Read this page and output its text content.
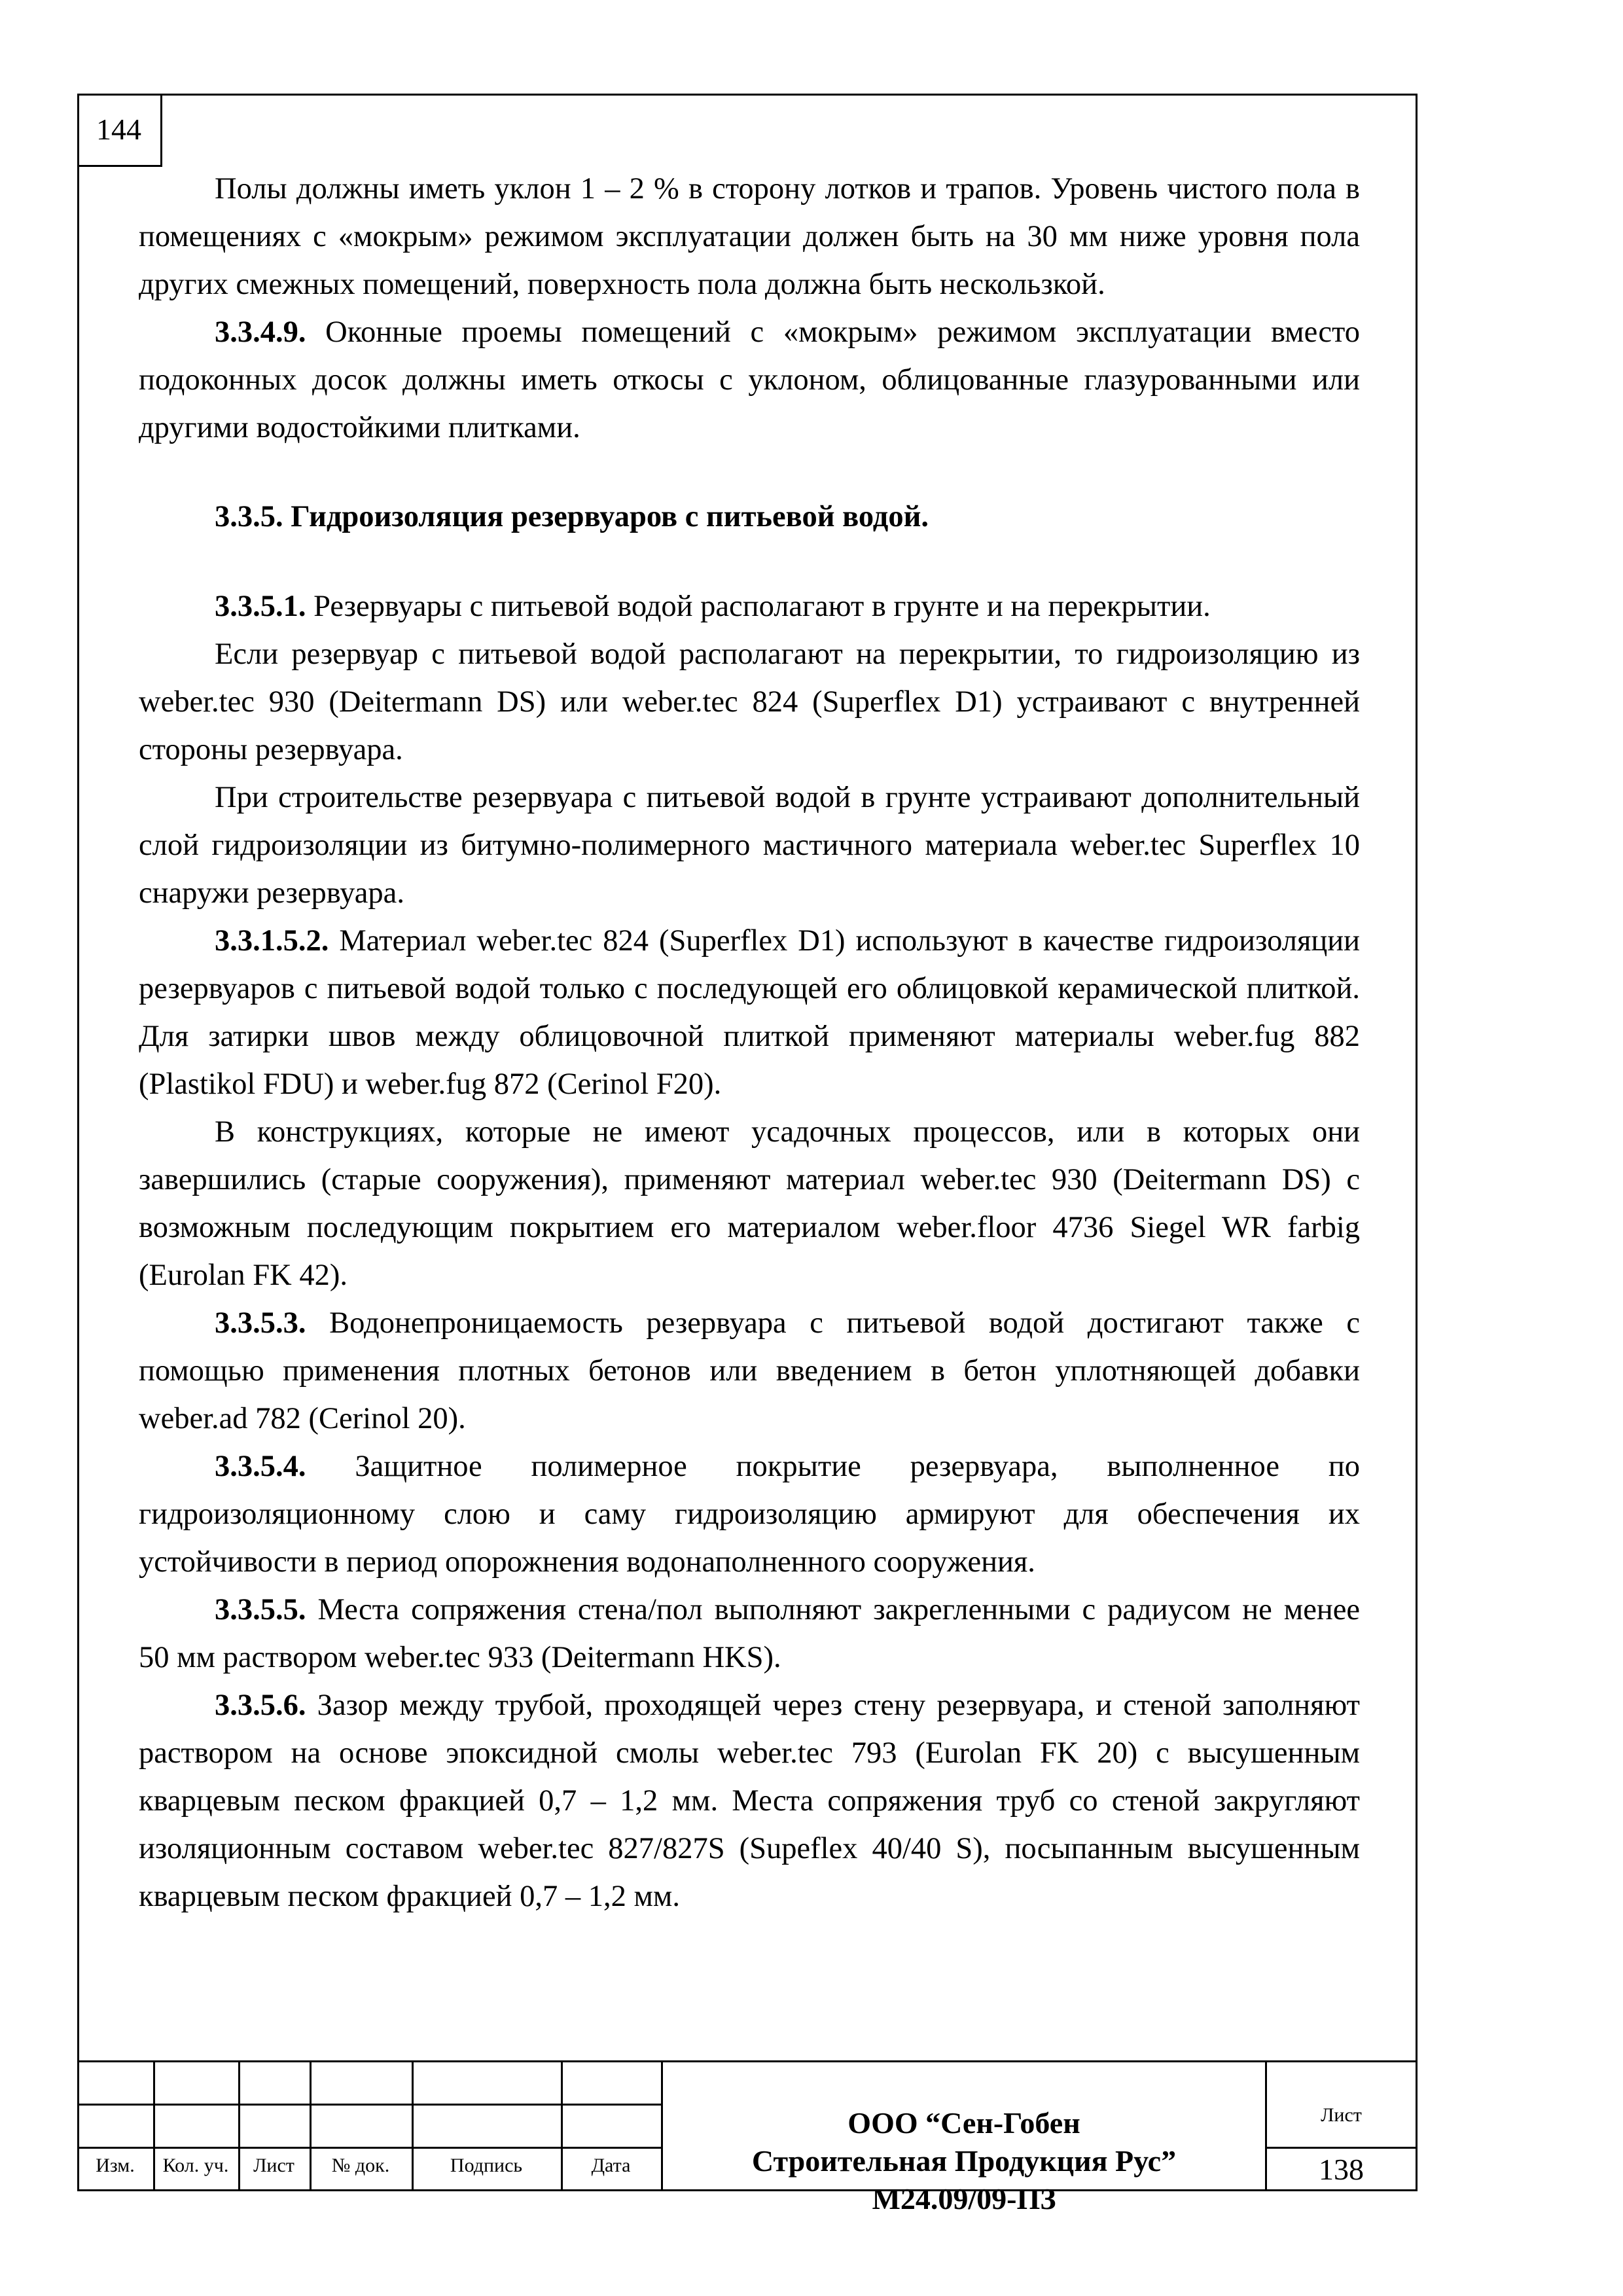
144

Полы должны иметь уклон 1 – 2 % в сторону лотков и трапов. Уровень чистого пола в помещениях с «мокрым» режимом эксплуатации должен быть на 30 мм ниже уровня пола других смежных помещений, поверхность пола должна быть нескользкой.

3.3.4.9. Оконные проемы помещений с «мокрым» режимом эксплуатации вместо подоконных досок должны иметь откосы с уклоном, облицованные глазурованными или другими водостойкими плитками.

3.3.5. Гидроизоляция резервуаров с питьевой водой.

3.3.5.1. Резервуары с питьевой водой располагают в грунте и на перекрытии.

Если резервуар с питьевой водой располагают на перекрытии, то гидроизоляцию из weber.tec 930 (Deitermann DS) или weber.tec 824 (Superflex D1) устраивают с внутренней стороны резервуара.

При строительстве резервуара с питьевой водой в грунте устраивают дополнительный слой гидроизоляции из битумно-полимерного мастичного материала weber.tec Superflex 10 снаружи резервуара.

3.3.1.5.2. Материал weber.tec 824 (Superflex D1) используют в качестве гидроизоляции резервуаров с питьевой водой только с последующей его облицовкой керамической плиткой. Для затирки швов между облицовочной плиткой применяют материалы weber.fug 882 (Plastikol FDU) и weber.fug 872 (Cerinol F20).

В конструкциях, которые не имеют усадочных процессов, или в которых они завершились (старые сооружения), применяют материал weber.tec 930 (Deitermann DS) с возможным последующим покрытием его материалом weber.floor 4736 Siegel WR farbig (Eurolan FK 42).

3.3.5.3. Водонепроницаемость резервуара с питьевой водой достигают также с помощью применения плотных бетонов или введением в бетон уплотняющей добавки weber.ad 782 (Cerinol 20).

3.3.5.4. Защитное полимерное покрытие резервуара, выполненное по гидроизоляционному слою и саму гидроизоляцию армируют для обеспечения их устойчивости в период опорожнения водонаполненного сооружения.

3.3.5.5. Места сопряжения стена/пол выполняют закрегленными с радиусом не менее 50 мм раствором weber.tec 933 (Deitermann HKS).

3.3.5.6. Зазор между трубой, проходящей через стену резервуара, и стеной заполняют раствором на основе эпоксидной смолы weber.tec 793 (Eurolan FK 20) с высушенным кварцевым песком фракцией 0,7 – 1,2 мм. Места сопряжения труб со стеной закругляют изоляционным составом weber.tec 827/827S (Supeflex 40/40 S), посыпанным высушенным кварцевым песком фракцией 0,7 – 1,2 мм.

Изм.	Кол. уч.	Лист	№ док.	Подпись	Дата
ООО “Сен-Гобен
Строительная Продукция Рус”
М24.09/09-ПЗ
Лист
138
